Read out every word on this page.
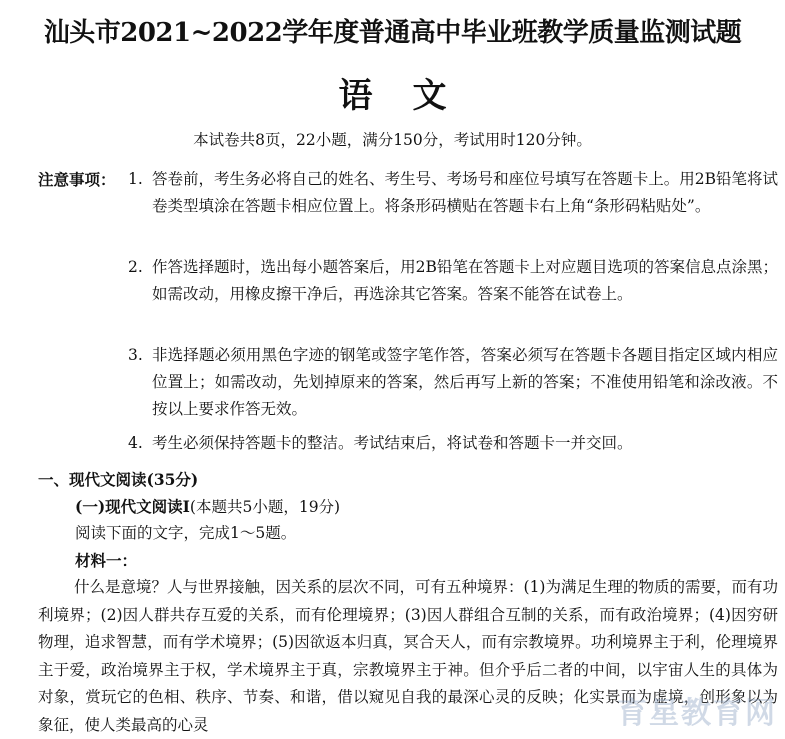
汕头市2021~2022学年度普通高中毕业班教学质量监测试题
语文
本试卷共8页，22小题，满分150分，考试用时120分钟。
注意事项： 1. 答卷前，考生务必将自己的姓名、考生号、考场号和座位号填写在答题卡上。用2B铅笔将试卷类型填涂在答题卡相应位置上。将条形码横贴在答题卡右上角“条形码粘贴处”。
2. 作答选择题时，选出每小题答案后，用2B铅笔在答题卡上对应题目选项的答案信息点涂黑；如需改动，用橡皮擦干净后，再选涂其它答案。答案不能答在试卷上。
3. 非选择题必须用黑色字迹的钢笔或签字笔作答，答案必须写在答题卡各题目指定区域内相应位置上；如需改动，先划掉原来的答案，然后再写上新的答案；不准使用铅笔和涂改液。不按以上要求作答无效。
4. 考生必须保持答题卡的整洁。考试结束后，将试卷和答题卡一并交回。
一、现代文阅读(35分)
(一)现代文阅读Ⅰ(本题共5小题，19分)
阅读下面的文字，完成1～5题。
材料一：
什么是意境？人与世界接触，因关系的层次不同，可有五种境界：(1)为满足生理的物质的需要，而有功利境界；(2)因人群共存互爱的关系，而有伦理境界；(3)因人群组合互制的关系，而有政治境界；(4)因穷研物理，追求智慧，而有学术境界；(5)因欲返本归真，冥合天人，而有宗教境界。功利境界主于利，伦理境界主于爱，政治境界主于权，学术境界主于真，宗教境界主于神。但介乎后二者的中间，以宇宙人生的具体为对象，赏玩它的色相、秩序、节奏、和谐，借以窥见自我的最深心灵的反映；化实景而为虚境，创形象以为象征，使人类最高的心灵	育星教育网
